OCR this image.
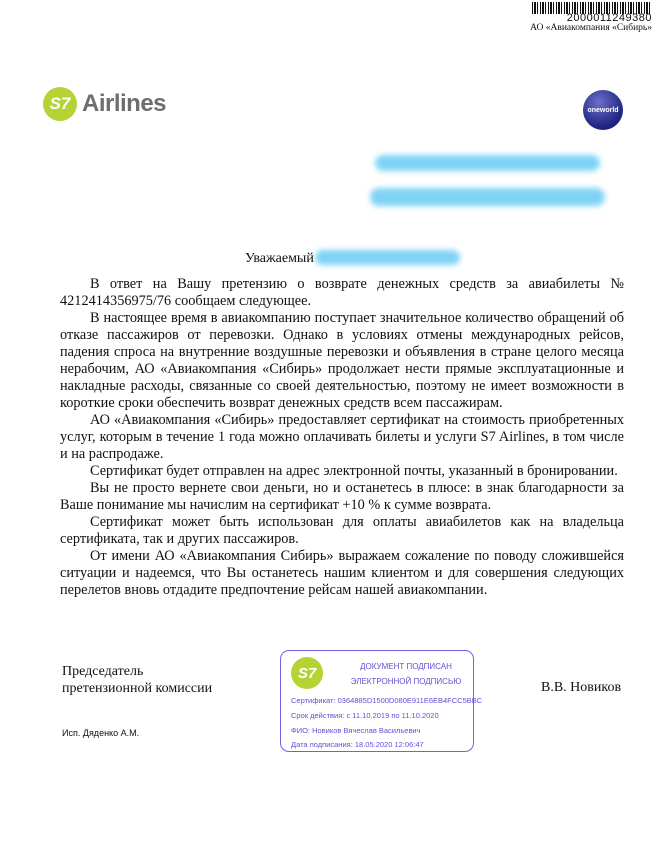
2000011249380
АО «Авиакомпания «Сибирь»
S7 Airlines	oneworld
Уважаемый

В ответ на Вашу претензию о возврате денежных средств за авиабилеты № 4212414356975/76 сообщаем следующее.

В настоящее время в авиакомпанию поступает значительное количество обращений об отказе пассажиров от перевозки. Однако в условиях отмены международных рейсов, падения спроса на внутренние воздушные перевозки и объявления в стране целого месяца нерабочим, АО «Авиакомпания «Сибирь» продолжает нести прямые эксплуатационные и накладные расходы, связанные со своей деятельностью, поэтому не имеет возможности в короткие сроки обеспечить возврат денежных средств всем пассажирам.

АО «Авиакомпания «Сибирь» предоставляет сертификат на стоимость приобретенных услуг, которым в течение 1 года можно оплачивать билеты и услуги S7 Airlines, в том числе и на распродаже.

Сертификат будет отправлен на адрес электронной почты, указанный в бронировании.

Вы не просто вернете свои деньги, но и останетесь в плюсе: в знак благодарности за Ваше понимание мы начислим на сертификат +10 % к сумме возврата.

Сертификат может быть использован для оплаты авиабилетов как на владельца сертификата, так и других пассажиров.

От имени АО «Авиакомпания Сибирь» выражаем сожаление по поводу сложившейся ситуации и надеемся, что Вы останетесь нашим клиентом и для совершения следующих перелетов вновь отдадите предпочтение рейсам нашей авиакомпании.

Председатель
претензионной комиссии	В.В. Новиков
Исп. Дяденко А.М.
S7	ДОКУМЕНТ ПОДПИСАН
ЭЛЕКТРОННОЙ ПОДПИСЬЮ
Сертификат: 0364885D1500D080E911E6EB4FCC5BBC
Срок действия: с 11.10.2019 по 11.10.2020
ФИО: Новиков Вячеслав Васильевич
Дата подписания: 18.05.2020 12:06:47
